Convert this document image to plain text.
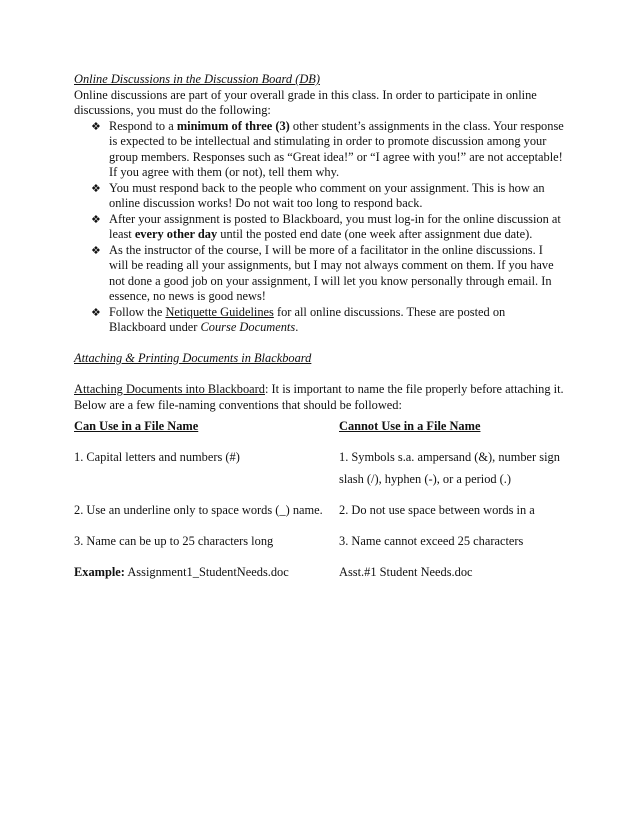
Online Discussions in the Discussion Board (DB)
Online discussions are part of your overall grade in this class. In order to participate in online discussions, you must do the following:
❖ Respond to a minimum of three (3) other student’s assignments in the class. Your response is expected to be intellectual and stimulating in order to promote discussion among your group members. Responses such as “Great idea!” or “I agree with you!” are not acceptable! If you agree with them (or not), tell them why.
❖ You must respond back to the people who comment on your assignment. This is how an online discussion works! Do not wait too long to respond back.
❖ After your assignment is posted to Blackboard, you must log-in for the online discussion at least every other day until the posted end date (one week after assignment due date).
❖ As the instructor of the course, I will be more of a facilitator in the online discussions. I will be reading all your assignments, but I may not always comment on them. If you have not done a good job on your assignment, I will let you know personally through email. In essence, no news is good news!
❖ Follow the Netiquette Guidelines for all online discussions. These are posted on Blackboard under Course Documents.
Attaching & Printing Documents in Blackboard
Attaching Documents into Blackboard: It is important to name the file properly before attaching it. Below are a few file-naming conventions that should be followed:
Can Use in a File Name	Cannot Use in a File Name
1. Capital letters and numbers (#)	1. Symbols s.a. ampersand (&), number sign
slash (/), hyphen (-), or a period (.)
2. Use an underline only to space words (_) name.	2. Do not use space between words in a
3. Name can be up to 25 characters long	3. Name cannot exceed 25 characters
Example: Assignment1_StudentNeeds.doc	Asst.#1 Student Needs.doc
